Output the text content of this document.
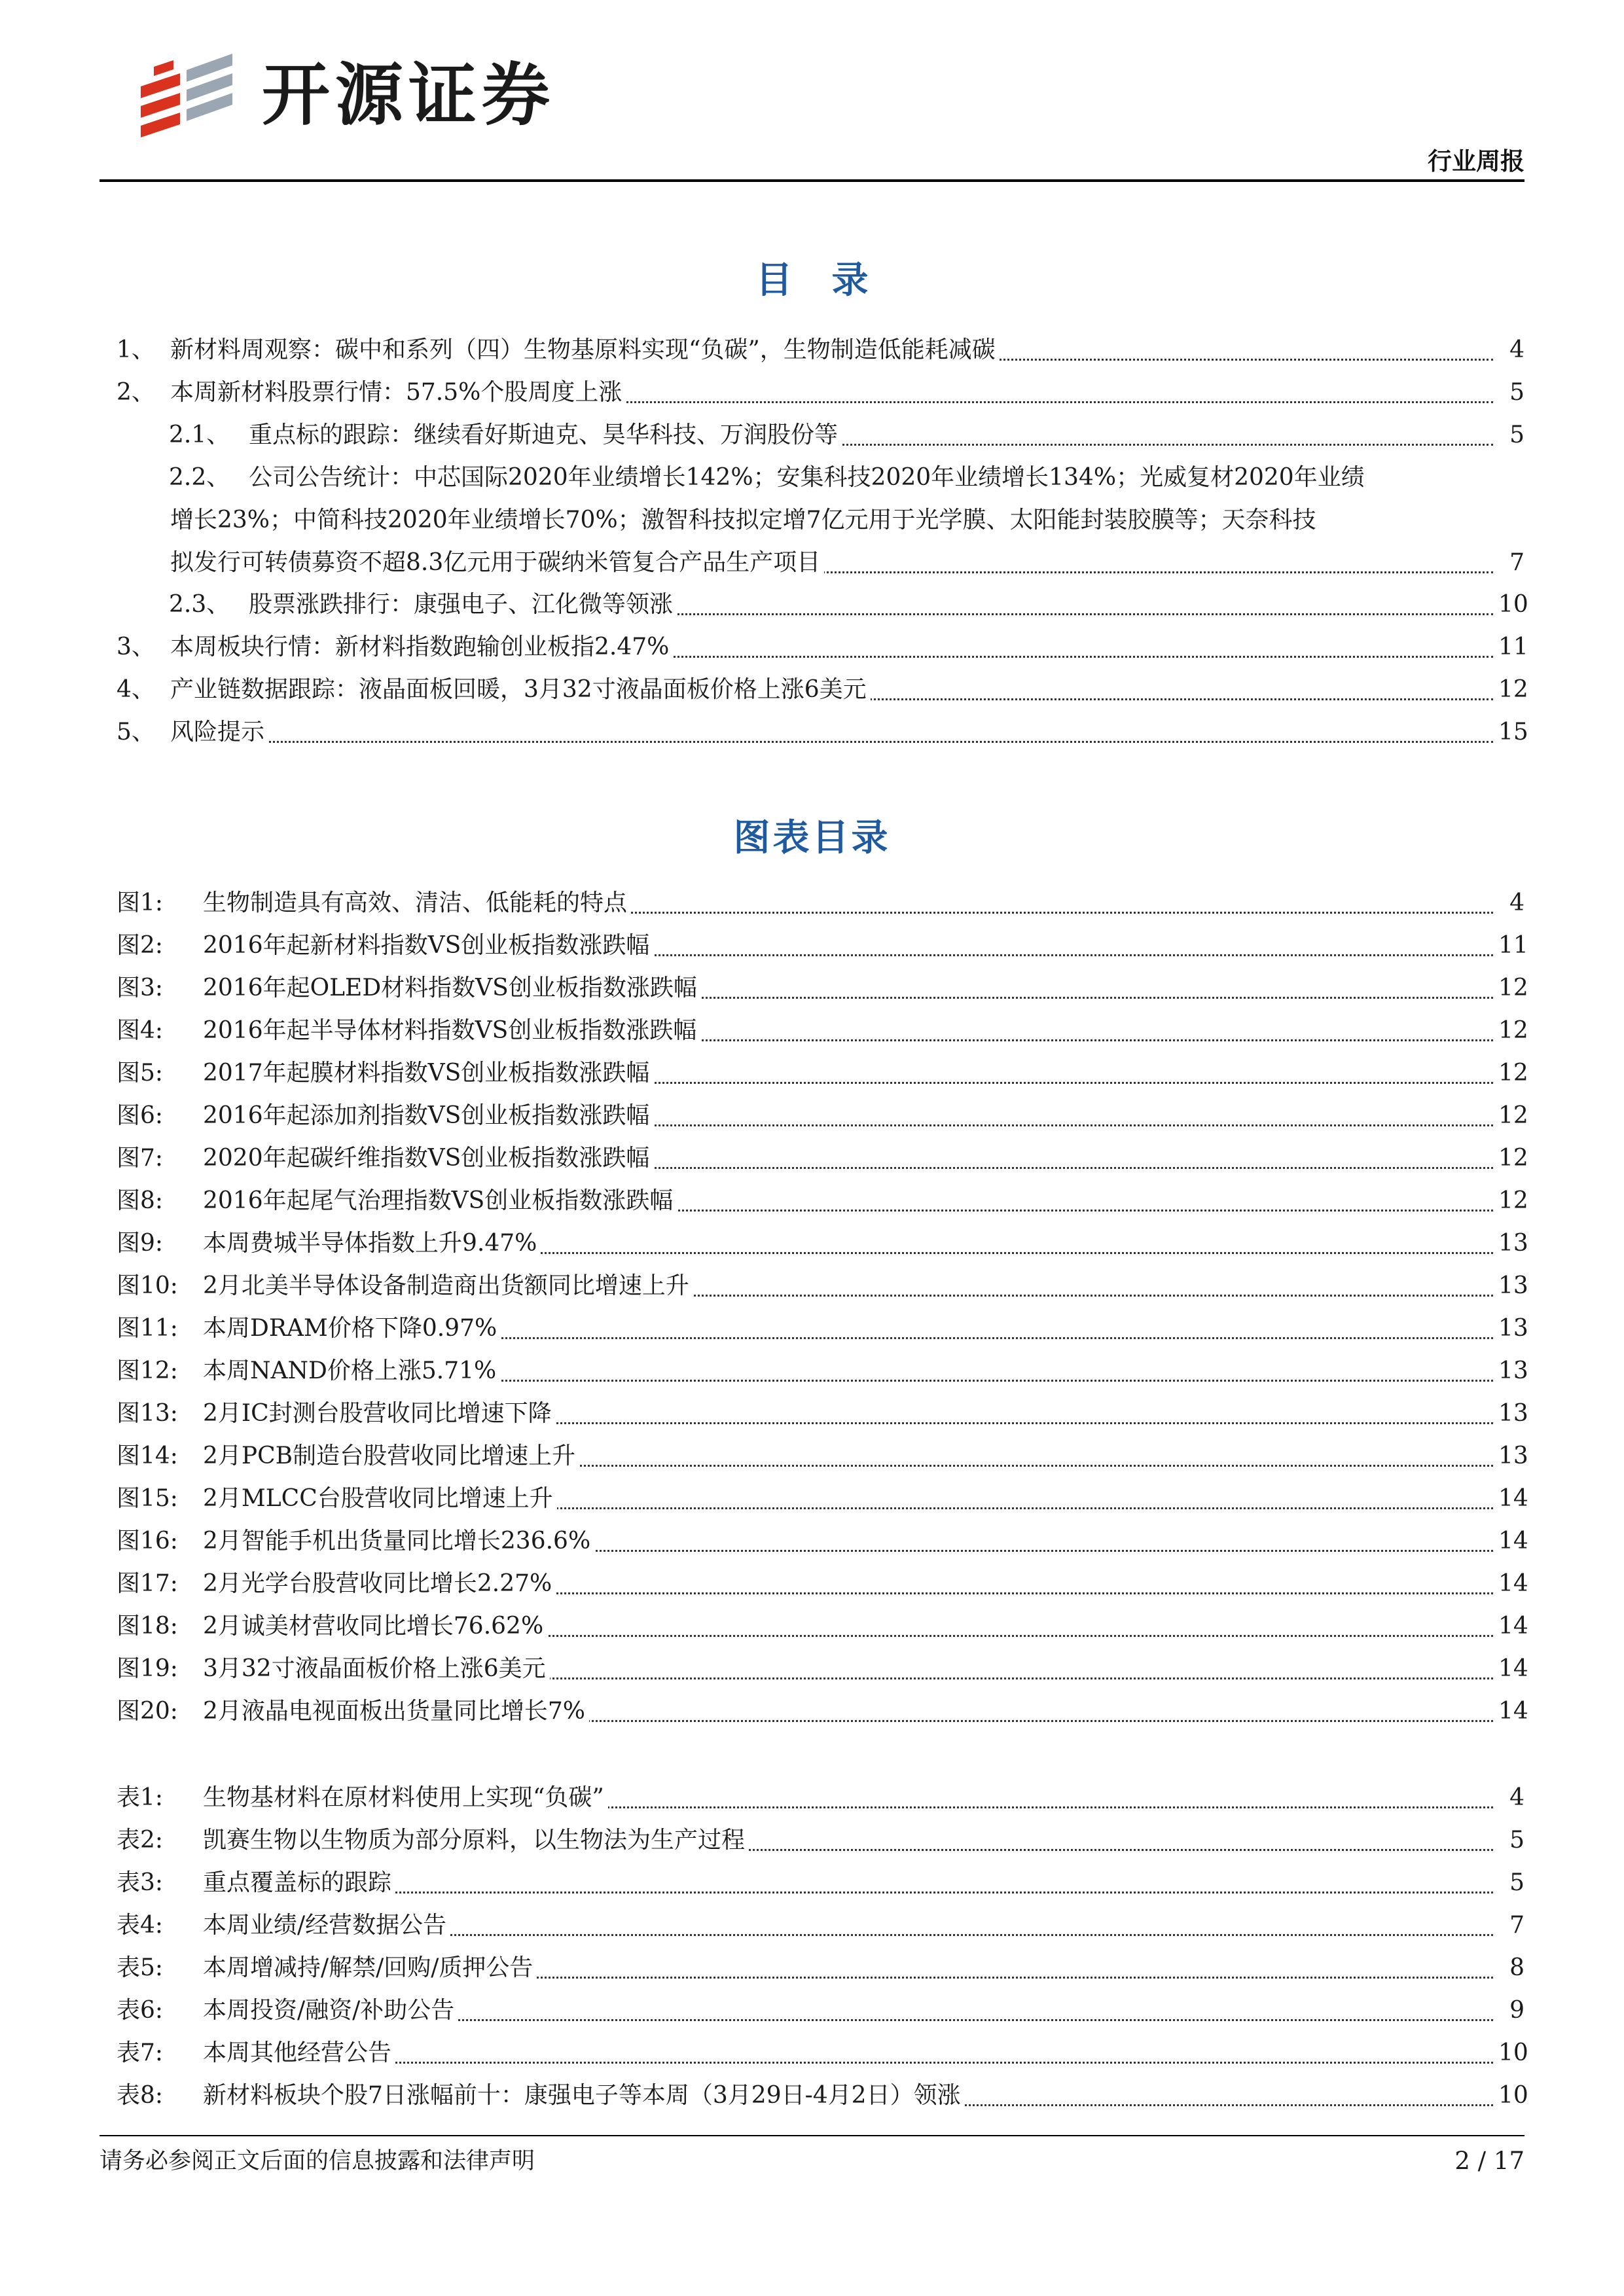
开源证券
行业周报
目录
1、 新材料周观察：碳中和系列（四）生物基原料实现“负碳”，生物制造低能耗减碳	4
2、 本周新材料股票行情：57.5%个股周度上涨	5
2.1、 重点标的跟踪：继续看好斯迪克、昊华科技、万润股份等	5
2.2、 公司公告统计：中芯国际2020年业绩增长142%；安集科技2020年业绩增长134%；光威复材2020年业绩
增长23%；中简科技2020年业绩增长70%；激智科技拟定增7亿元用于光学膜、太阳能封装胶膜等；天奈科技
拟发行可转债募资不超8.3亿元用于碳纳米管复合产品生产项目	7
2.3、 股票涨跌排行：康强电子、江化微等领涨	10
3、 本周板块行情：新材料指数跑输创业板指2.47%	11
4、 产业链数据跟踪：液晶面板回暖，3月32寸液晶面板价格上涨6美元	12
5、 风险提示	15
图表目录
图1: 生物制造具有高效、清洁、低能耗的特点	4
图2: 2016年起新材料指数VS创业板指数涨跌幅	11
图3: 2016年起OLED材料指数VS创业板指数涨跌幅	12
图4: 2016年起半导体材料指数VS创业板指数涨跌幅	12
图5: 2017年起膜材料指数VS创业板指数涨跌幅	12
图6: 2016年起添加剂指数VS创业板指数涨跌幅	12
图7: 2020年起碳纤维指数VS创业板指数涨跌幅	12
图8: 2016年起尾气治理指数VS创业板指数涨跌幅	12
图9: 本周费城半导体指数上升9.47%	13
图10: 2月北美半导体设备制造商出货额同比增速上升	13
图11: 本周DRAM价格下降0.97%	13
图12: 本周NAND价格上涨5.71%	13
图13: 2月IC封测台股营收同比增速下降	13
图14: 2月PCB制造台股营收同比增速上升	13
图15: 2月MLCC台股营收同比增速上升	14
图16: 2月智能手机出货量同比增长236.6%	14
图17: 2月光学台股营收同比增长2.27%	14
图18: 2月诚美材营收同比增长76.62%	14
图19: 3月32寸液晶面板价格上涨6美元	14
图20: 2月液晶电视面板出货量同比增长7%	14
表1: 生物基材料在原材料使用上实现“负碳”	4
表2: 凯赛生物以生物质为部分原料，以生物法为生产过程	5
表3: 重点覆盖标的跟踪	5
表4: 本周业绩/经营数据公告	7
表5: 本周增减持/解禁/回购/质押公告	8
表6: 本周投资/融资/补助公告	9
表7: 本周其他经营公告	10
表8: 新材料板块个股7日涨幅前十：康强电子等本周（3月29日-4月2日）领涨	10
请务必参阅正文后面的信息披露和法律声明	2 / 17
